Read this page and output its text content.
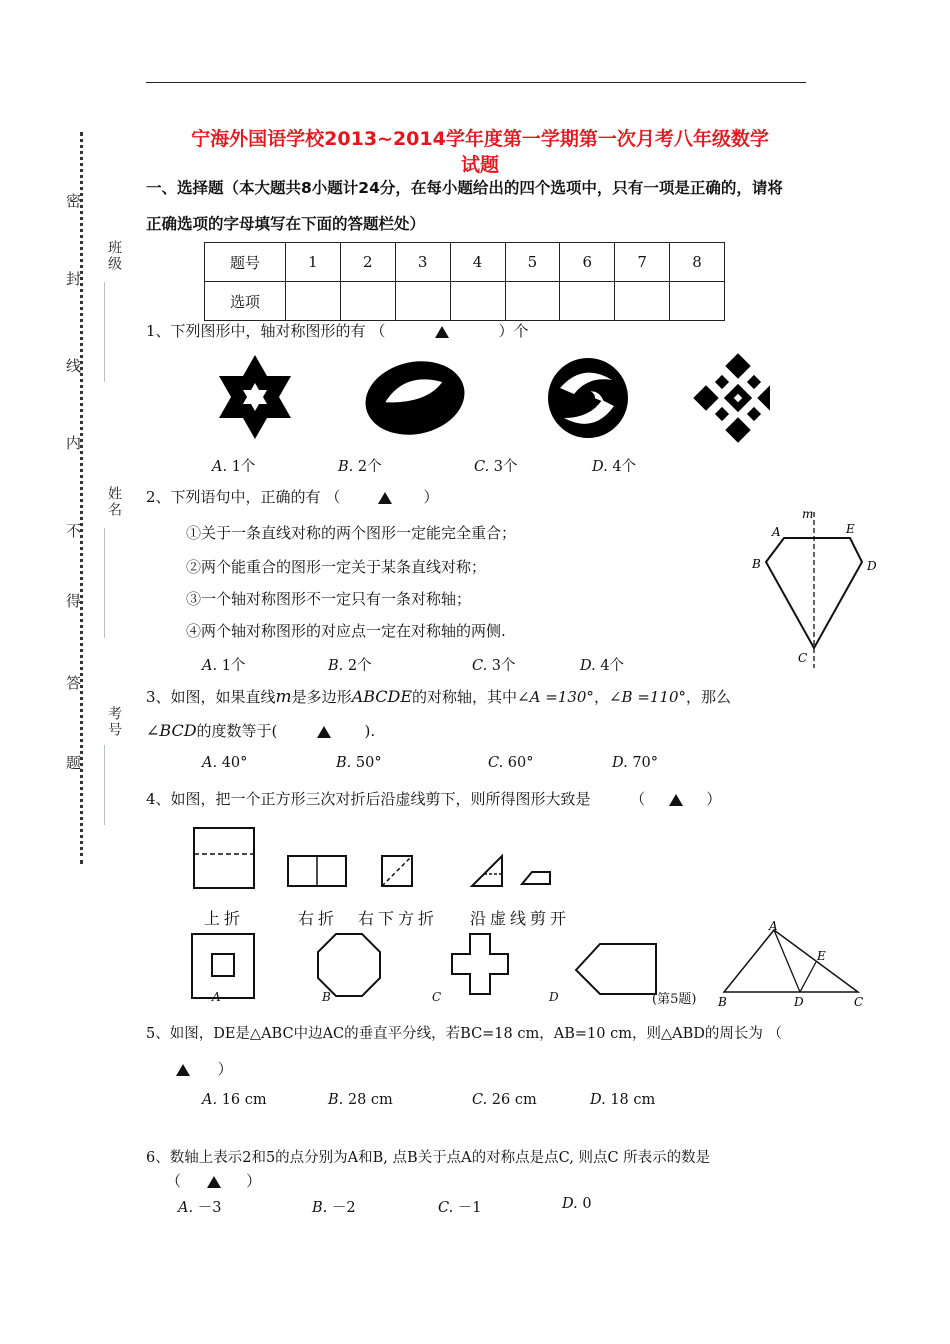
密
封
线
内
不
得
答
题
班级
姓名
考号
宁海外国语学校2013~2014学年度第一学期第一次月考八年级数学
试题
一、选择题（本大题共8小题计24分，在每小题给出的四个选项中，只有一项是正确的，请将
正确选项的字母填写在下面的答题栏处）
题号	1	2	3	4	5	6	7	8
选项								
1、下列图形中，轴对称图形的有 （	）个
A. 1个	B. 2个	C. 3个	D. 4个
2、下列语句中，正确的有 （	）
①关于一条直线对称的两个图形一定能完全重合；
②两个能重合的图形一定关于某条直线对称；
③一个轴对称图形不一定只有一条对称轴；
④两个轴对称图形的对应点一定在对称轴的两侧.
A. 1个	B. 2个	C. 3个	D. 4个
m
A	E
B	D
C
3、如图，如果直线m是多边形ABCDE的对称轴，其中∠A =130°，∠B =110°，那么
∠BCD的度数等于(	).
A. 40°	B. 50°	C. 60°	D. 70°
4、如图，把一个正方形三次对折后沿虚线剪下，则所得图形大致是	（	）
上折	右折 右下方折 沿虚线剪开
A	B	C	D	(第5题)
A
E
B	D	C
5、如图，DE是△ABC中边AC的垂直平分线，若BC=18 cm，AB=10 cm，则△ABD的周长为 （
）
A. 16 cm	B. 28 cm	C. 26 cm	D. 18 cm
6、数轴上表示2和5的点分别为A和B, 点B关于点A的对称点是点C, 则点C 所表示的数是
（	）
A. －3	B. －2	C. －1	D. 0
